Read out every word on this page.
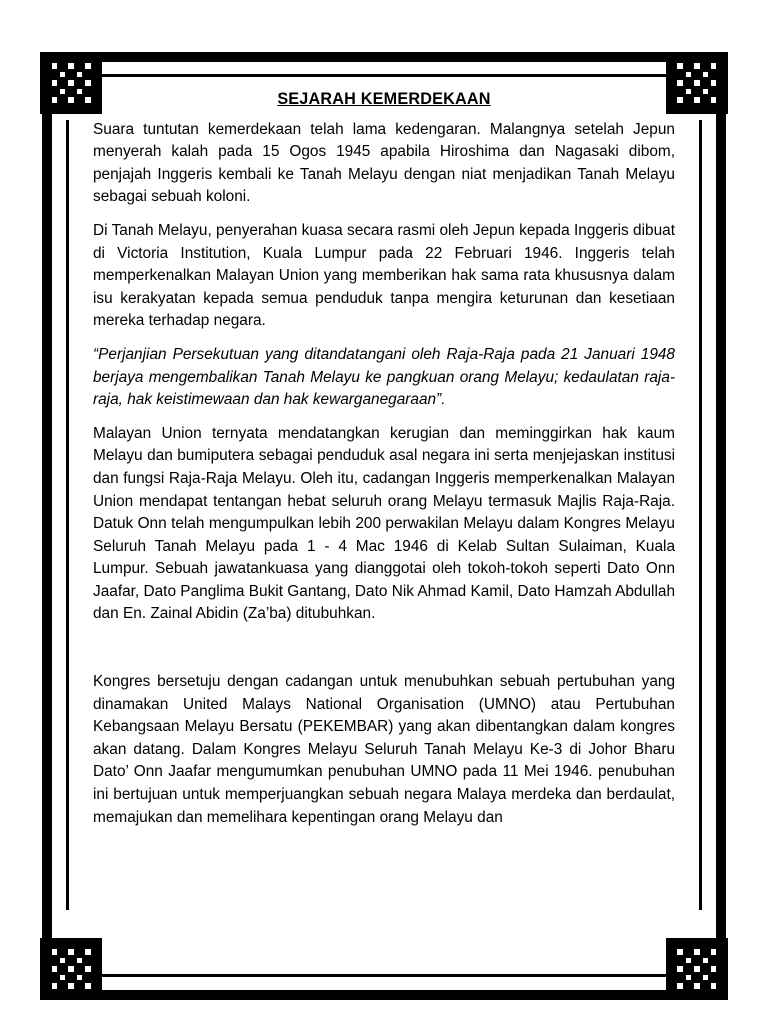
SEJARAH KEMERDEKAAN

Suara tuntutan kemerdekaan telah lama kedengaran. Malangnya setelah Jepun menyerah kalah pada 15 Ogos 1945 apabila Hiroshima dan Nagasaki dibom, penjajah Inggeris kembali ke Tanah Melayu dengan niat menjadikan Tanah Melayu sebagai sebuah koloni.

Di Tanah Melayu, penyerahan kuasa secara rasmi oleh Jepun kepada Inggeris dibuat di Victoria Institution, Kuala Lumpur pada 22 Februari 1946. Inggeris telah memperkenalkan Malayan Union yang memberikan hak sama rata khususnya dalam isu kerakyatan kepada semua penduduk tanpa mengira keturunan dan kesetiaan mereka terhadap negara.

“Perjanjian Persekutuan yang ditandatangani oleh Raja-Raja pada 21 Januari 1948 berjaya mengembalikan Tanah Melayu ke pangkuan orang Melayu; kedaulatan raja-raja, hak keistimewaan dan hak kewarganegaraan”.

Malayan Union ternyata mendatangkan kerugian dan meminggirkan hak kaum Melayu dan bumiputera sebagai penduduk asal negara ini serta menjejaskan institusi dan fungsi Raja-Raja Melayu. Oleh itu, cadangan Inggeris memperkenalkan Malayan Union mendapat tentangan hebat seluruh orang Melayu termasuk Majlis Raja-Raja. Datuk Onn telah mengumpulkan lebih 200 perwakilan Melayu dalam Kongres Melayu Seluruh Tanah Melayu pada 1 - 4 Mac 1946 di Kelab Sultan Sulaiman, Kuala Lumpur. Sebuah jawatankuasa yang dianggotai oleh tokoh-tokoh seperti Dato Onn Jaafar, Dato Panglima Bukit Gantang, Dato Nik Ahmad Kamil, Dato Hamzah Abdullah dan En. Zainal Abidin (Za’ba) ditubuhkan.

Kongres bersetuju dengan cadangan untuk menubuhkan sebuah pertubuhan yang dinamakan United Malays National Organisation (UMNO) atau Pertubuhan Kebangsaan Melayu Bersatu (PEKEMBAR) yang akan dibentangkan dalam kongres akan datang. Dalam Kongres Melayu Seluruh Tanah Melayu Ke-3 di Johor Bharu Dato’ Onn Jaafar mengumumkan penubuhan UMNO pada 11 Mei 1946. penubuhan ini bertujuan untuk memperjuangkan sebuah negara Malaya merdeka dan berdaulat, memajukan dan memelihara kepentingan orang Melayu dan
